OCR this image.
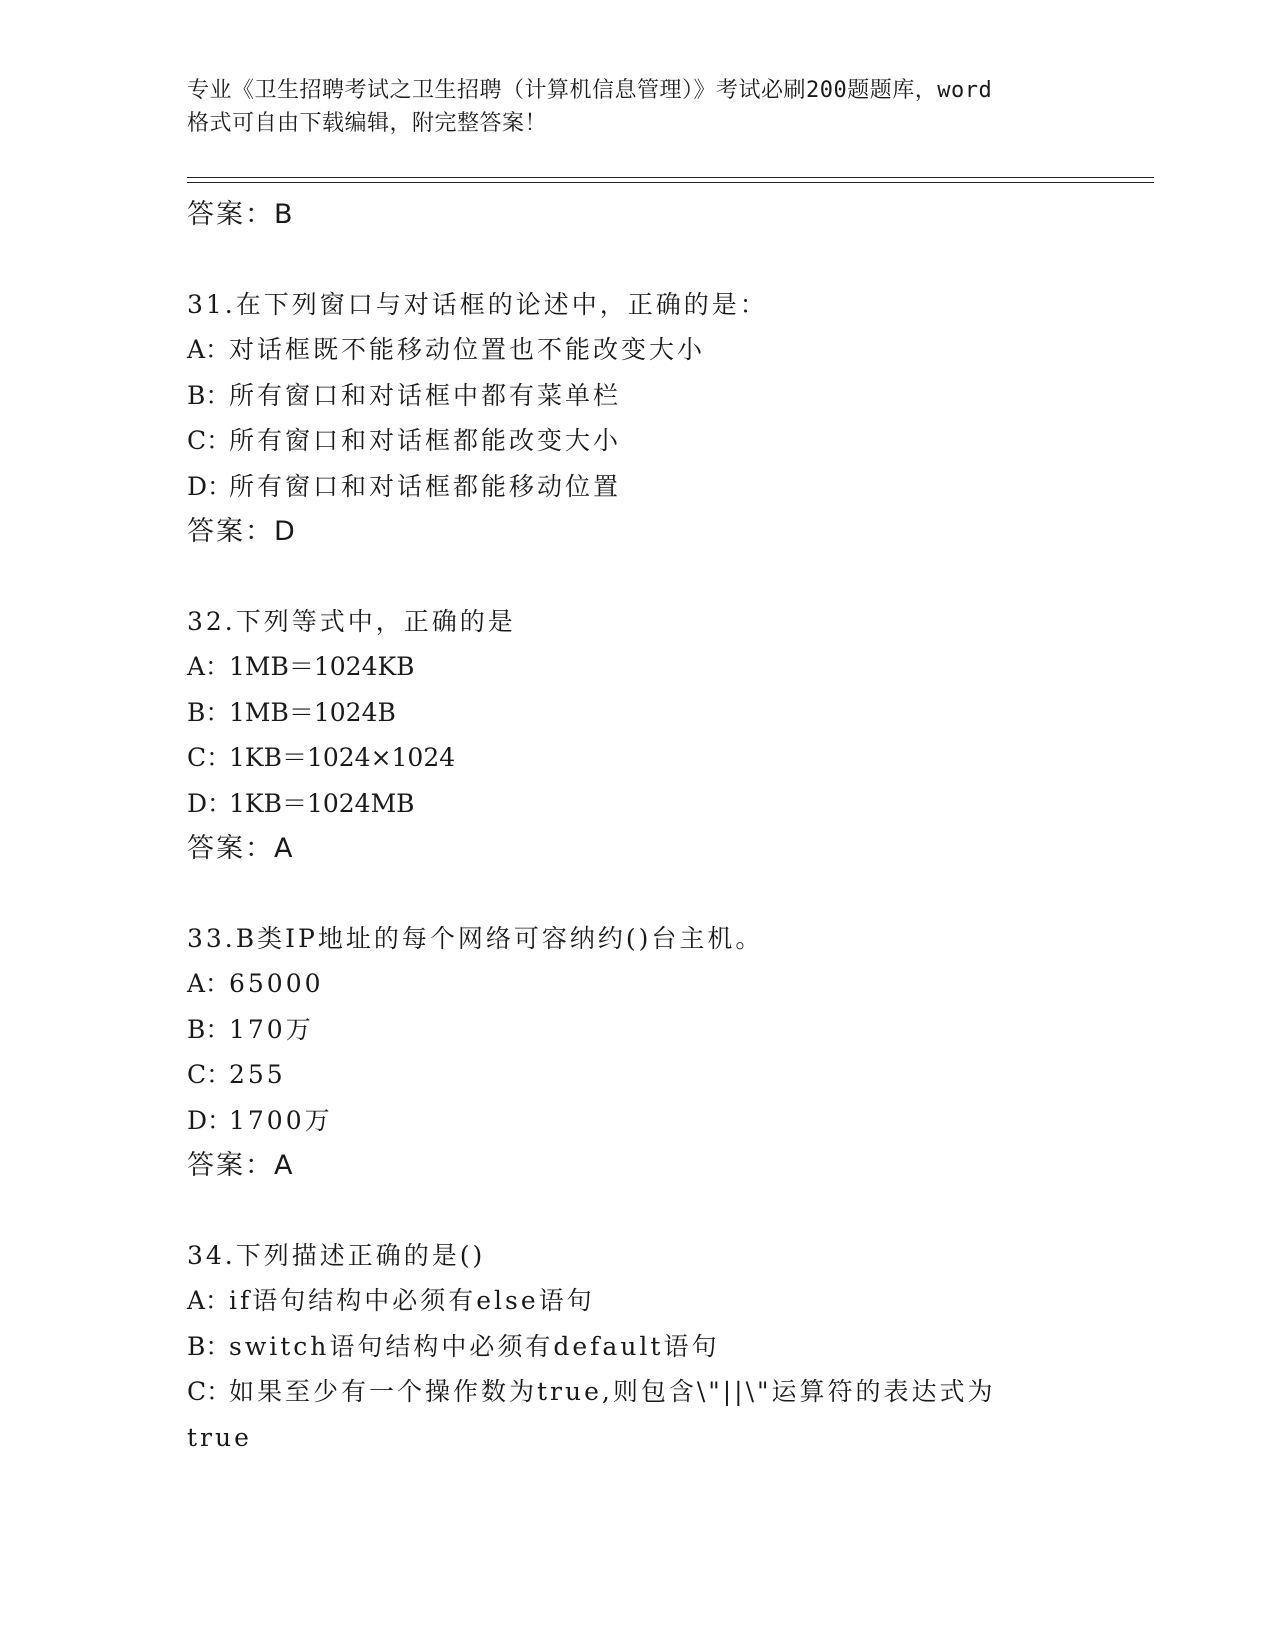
专业《卫生招聘考试之卫生招聘（计算机信息管理）》考试必刷200题题库，word
格式可自由下载编辑，附完整答案！
答案：B
31.在下列窗口与对话框的论述中，正确的是：
A：对话框既不能移动位置也不能改变大小
B：所有窗口和对话框中都有菜单栏
C：所有窗口和对话框都能改变大小
D：所有窗口和对话框都能移动位置
答案：D
32.下列等式中，正确的是
A：1MB＝1024KB
B：1MB＝1024B
C：1KB＝1024×1024
D：1KB＝1024MB
答案：A
33.B类IP地址的每个网络可容纳约()台主机。
A：65000
B：170万
C：255
D：1700万
答案：A
34.下列描述正确的是()
A：if语句结构中必须有else语句
B：switch语句结构中必须有default语句
C：如果至少有一个操作数为true,则包含\"||\"运算符的表达式为
true
